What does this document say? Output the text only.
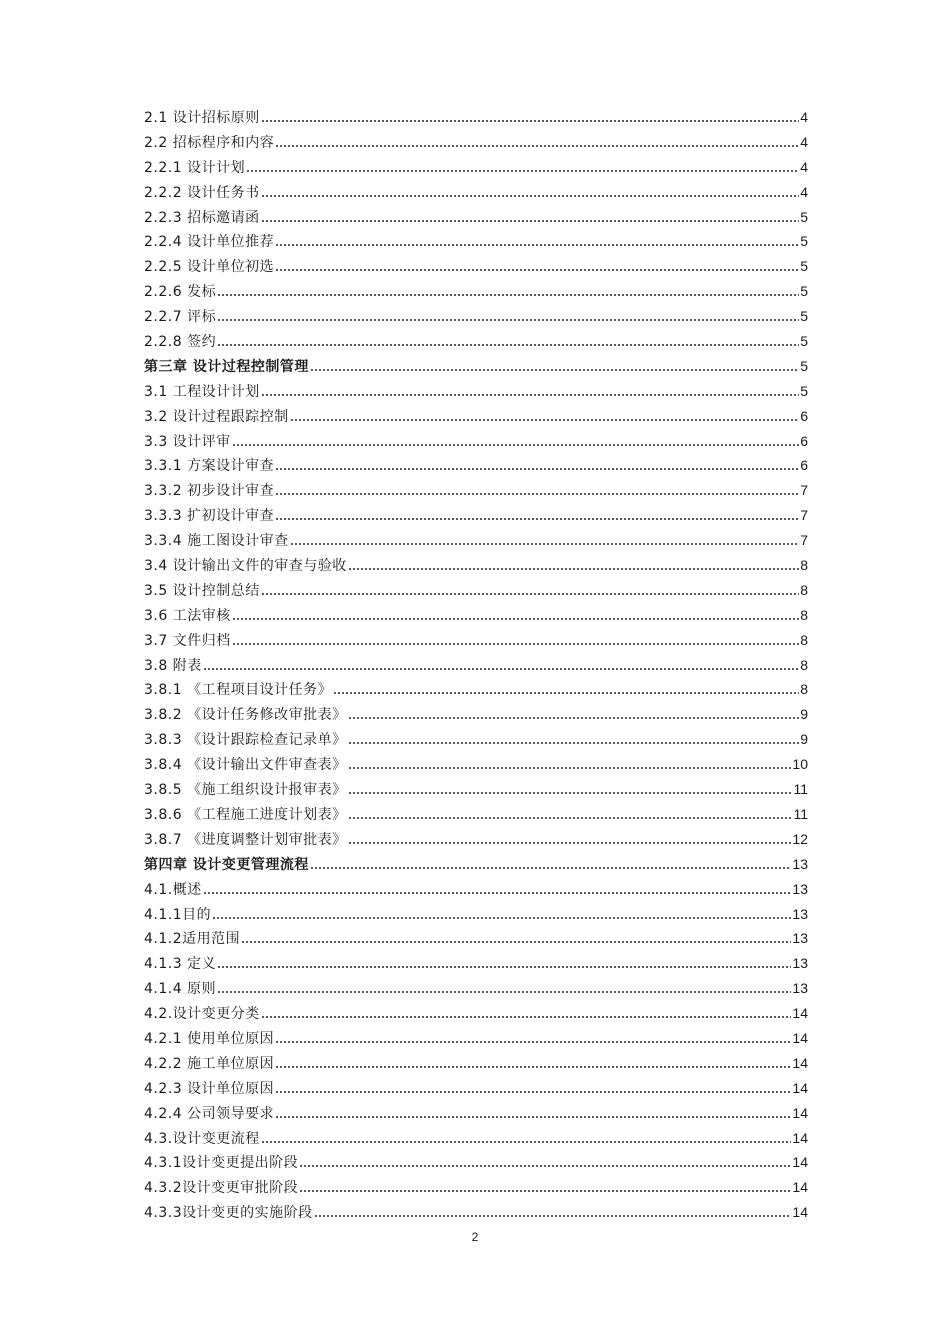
2.1 设计招标原则	4
2.2 招标程序和内容	4
2.2.1 设计计划	4
2.2.2 设计任务书	4
2.2.3 招标邀请函	5
2.2.4 设计单位推荐	5
2.2.5 设计单位初选	5
2.2.6 发标	5
2.2.7 评标	5
2.2.8 签约	5
第三章 设计过程控制管理	5
3.1 工程设计计划	5
3.2 设计过程跟踪控制	6
3.3 设计评审	6
3.3.1 方案设计审查	6
3.3.2 初步设计审查	7
3.3.3 扩初设计审查	7
3.3.4 施工图设计审查	7
3.4 设计输出文件的审查与验收	8
3.5 设计控制总结	8
3.6 工法审核	8
3.7 文件归档	8
3.8 附表	8
3.8.1 《工程项目设计任务》	8
3.8.2 《设计任务修改审批表》	9
3.8.3 《设计跟踪检查记录单》	9
3.8.4 《设计输出文件审查表》	10
3.8.5 《施工组织设计报审表》	11
3.8.6 《工程施工进度计划表》	11
3.8.7 《进度调整计划审批表》	12
第四章 设计变更管理流程	13
4.1.概述	13
4.1.1目的	13
4.1.2适用范围	13
4.1.3 定义	13
4.1.4 原则	13
4.2.设计变更分类	14
4.2.1 使用单位原因	14
4.2.2 施工单位原因	14
4.2.3 设计单位原因	14
4.2.4 公司领导要求	14
4.3.设计变更流程	14
4.3.1设计变更提出阶段	14
4.3.2设计变更审批阶段	14
4.3.3设计变更的实施阶段	14
2
